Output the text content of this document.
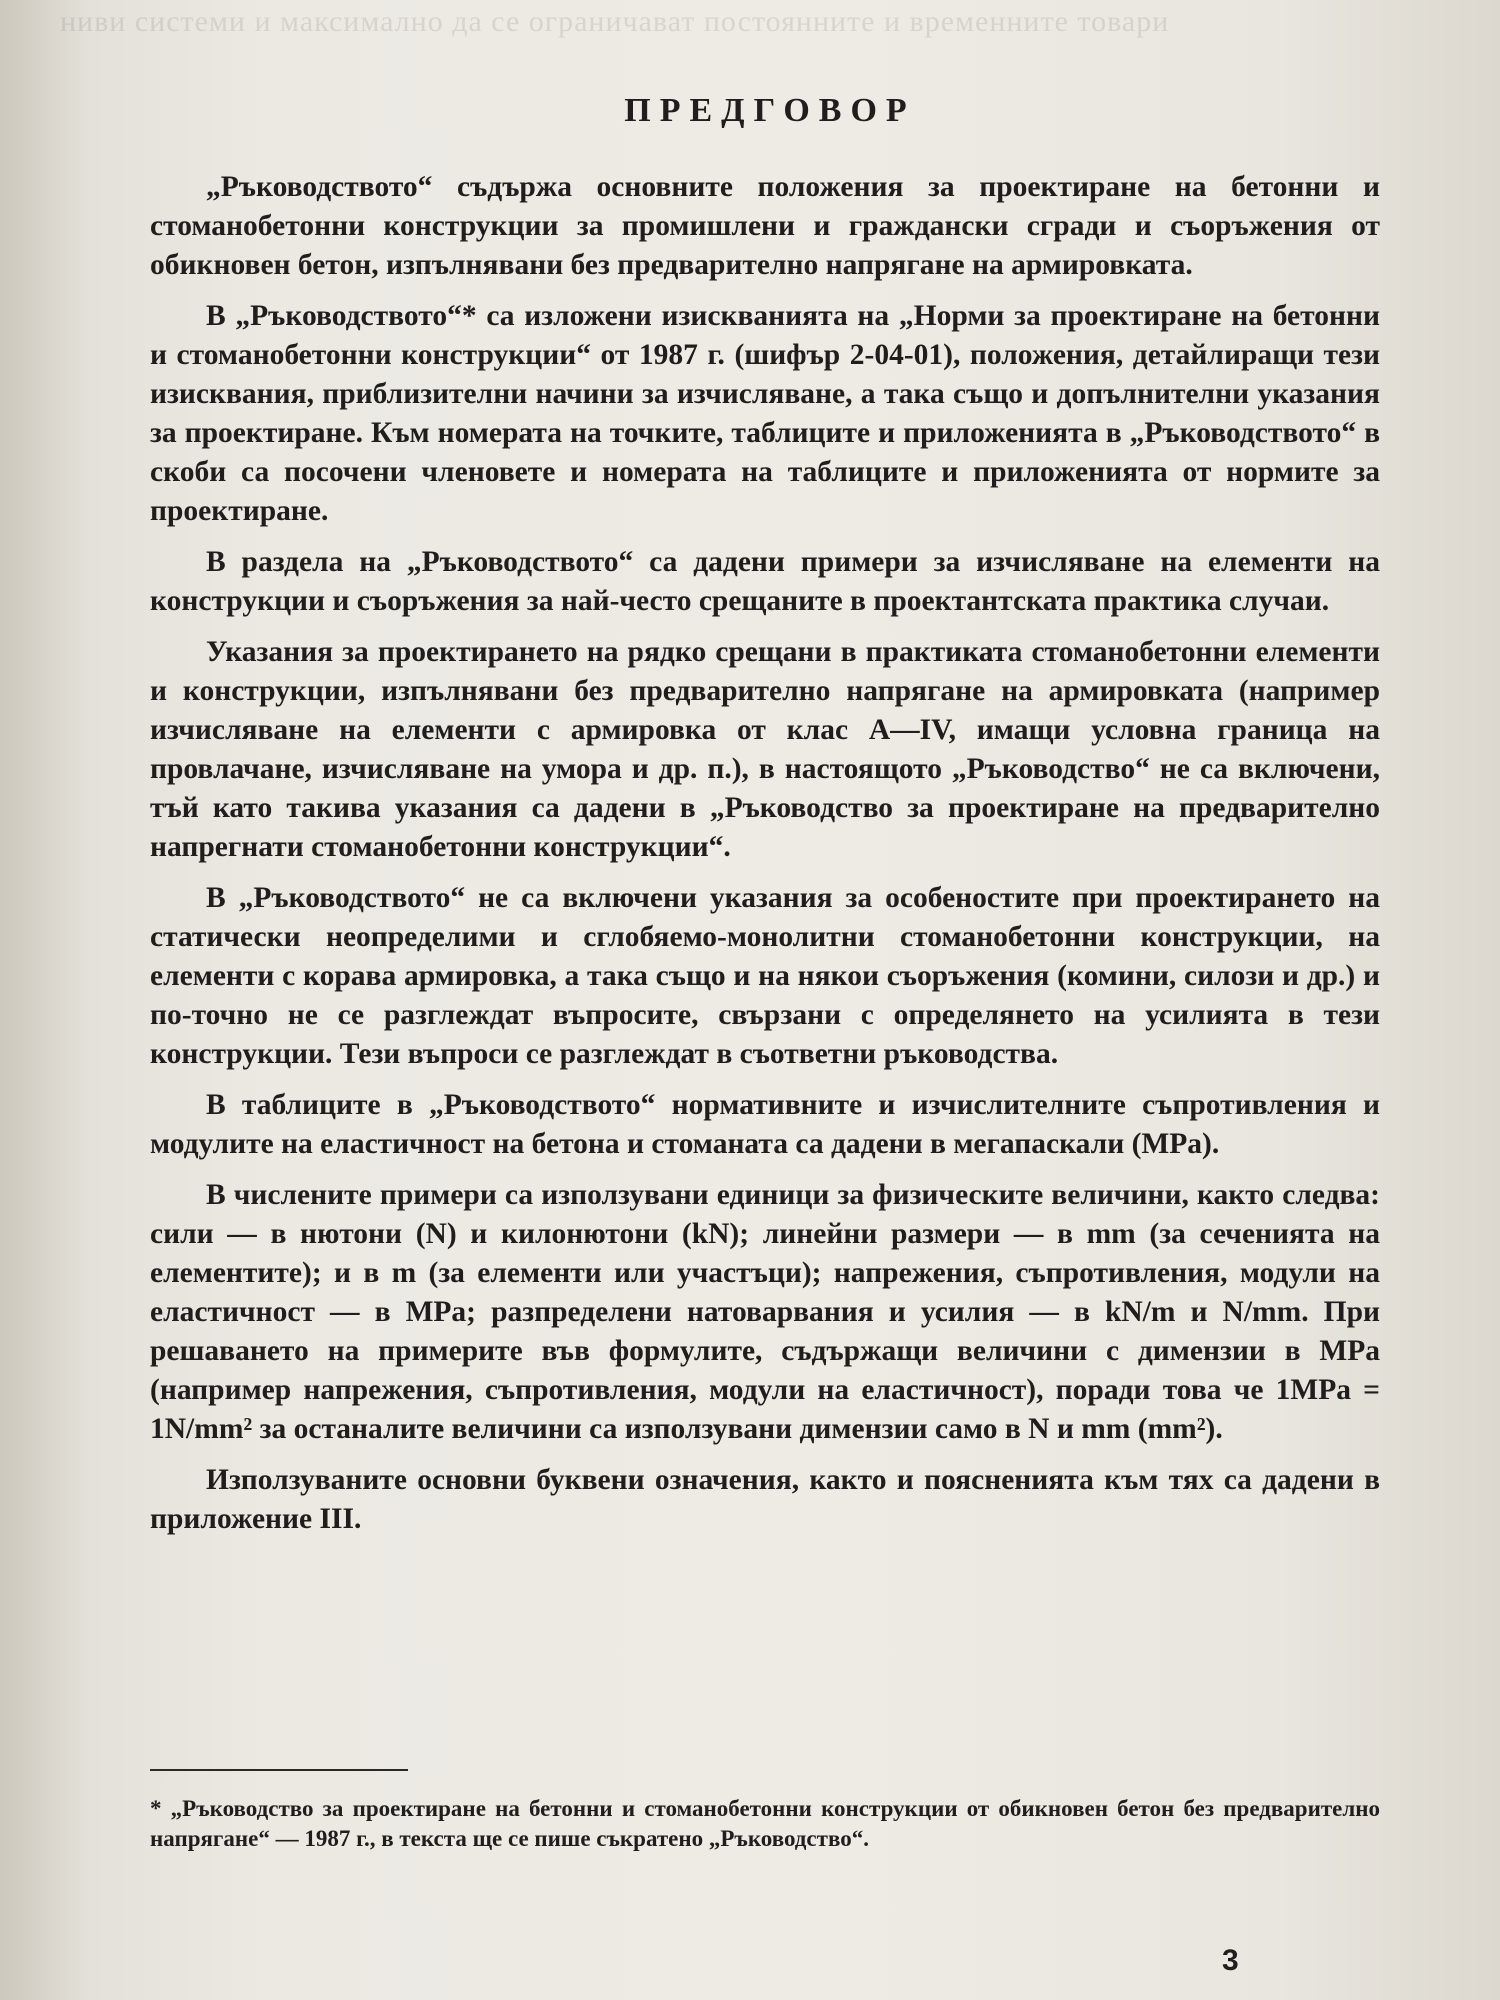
ниви системи и максимално да се ограничават постоянните и временните товари
ПРЕДГОВОР

„Ръководството“ съдържа основните положения за проектиране на бетонни и стоманобетонни конструкции за промишлени и граждански сгради и съоръжения от обикновен бетон, изпълнявани без предварително напрягане на армировката.

В „Ръководството“* са изложени изискванията на „Норми за проектиране на бетонни и стоманобетонни конструкции“ от 1987 г. (шифър 2-04-01), положения, детайлиращи тези изисквания, приблизителни начини за изчисляване, а така също и допълнителни указания за проектиране. Към номерата на точките, таблиците и приложенията в „Ръководството“ в скоби са посочени членовете и номерата на таблиците и приложенията от нормите за проектиране.

В раздела на „Ръководството“ са дадени примери за изчисляване на елементи на конструкции и съоръжения за най-често срещаните в проектантската практика случаи.

Указания за проектирането на рядко срещани в практиката стоманобетонни елементи и конструкции, изпълнявани без предварително напрягане на армировката (например изчисляване на елементи с армировка от клас A—IV, имащи условна граница на провлачане, изчисляване на умора и др. п.), в настоящото „Ръководство“ не са включени, тъй като такива указания са дадени в „Ръководство за проектиране на предварително напрегнати стоманобетонни конструкции“.

В „Ръководството“ не са включени указания за особеностите при проектирането на статически неопределими и сглобяемо-монолитни стоманобетонни конструкции, на елементи с корава армировка, а така също и на някои съоръжения (комини, силози и др.) и по-точно не се разглеждат въпросите, свързани с определянето на усилията в тези конструкции. Тези въпроси се разглеждат в съответни ръководства.

В таблиците в „Ръководството“ нормативните и изчислителните съпротивления и модулите на еластичност на бетона и стоманата са дадени в мегапаскали (MPa).

В числените примери са използувани единици за физическите величини, както следва: сили — в нютони (N) и килонютони (kN); линейни размери — в mm (за сеченията на елементите); и в m (за елементи или участъци); напрежения, съпротивления, модули на еластичност — в MPa; разпределени натоварвания и усилия — в kN/m и N/mm. При решаването на примерите във формулите, съдържащи величини с димензии в MPa (например напрежения, съпротивления, модули на еластичност), поради това че 1MPa = 1N/mm² за останалите величини са използувани димензии само в N и mm (mm²).

Използуваните основни буквени означения, както и поясненията към тях са дадени в приложение III.

* „Ръководство за проектиране на бетонни и стоманобетонни конструкции от обикновен бетон без предварително напрягане“ — 1987 г., в текста ще се пише съкратено „Ръководство“.
3
